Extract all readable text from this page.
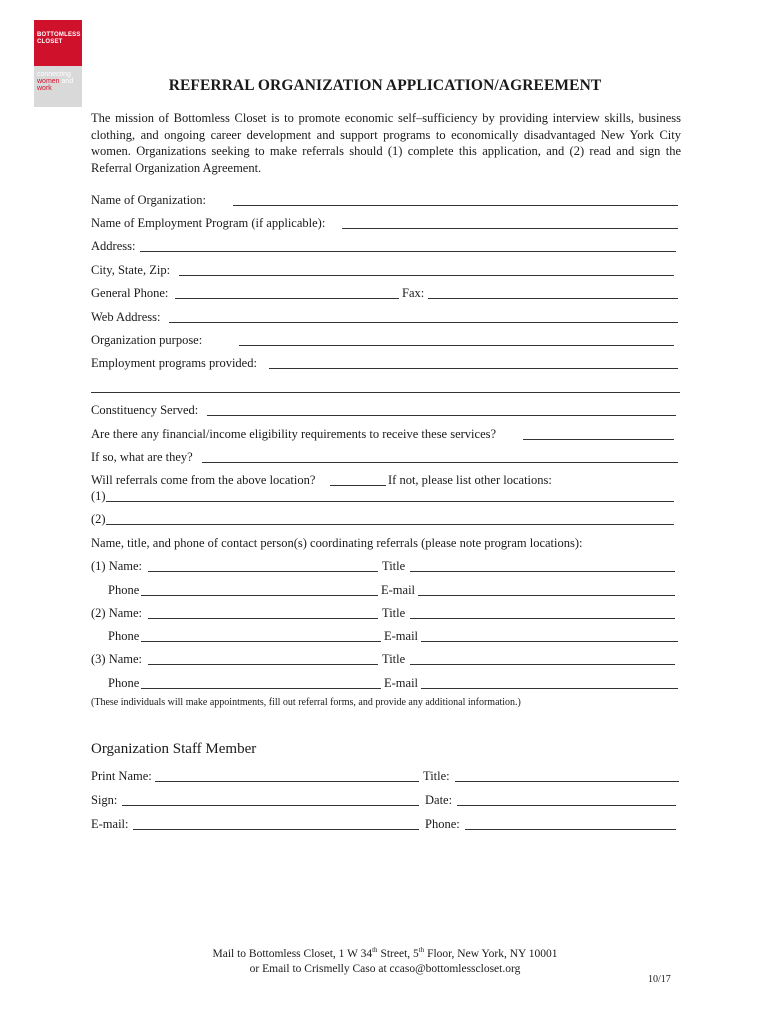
BOTTOMLESS
CLOSET
connecting
women and
work	REFERRAL ORGANIZATION APPLICATION/AGREEMENT
The mission of Bottomless Closet is to promote economic self–sufficiency by providing interview skills, business clothing, and ongoing career development and support programs to economically disadvantaged New York City women. Organizations seeking to make referrals should (1) complete this application, and (2) read and sign the Referral Organization Agreement.
Name of Organization:
Name of Employment Program (if applicable):
Address:
City, State, Zip:
General Phone:	Fax:
Web Address:
Organization purpose:
Employment programs provided:
Constituency Served:
Are there any financial/income eligibility requirements to receive these services?
If so, what are they?
Will referrals come from the above location?	If not, please list other locations:
(1)
(2)
Name, title, and phone of contact person(s) coordinating referrals (please note program locations):
(1) Name:	Title
Phone	E-mail
(2) Name:	Title
Phone	E-mail
(3) Name:	Title
Phone	E-mail
(These individuals will make appointments, fill out referral forms, and provide any additional information.)
Organization Staff Member
Print Name:	Title:
Sign:	Date:
E-mail:	Phone:
Mail to Bottomless Closet, 1 W 34th Street, 5th Floor, New York, NY 10001
or Email to Crismelly Caso at ccaso@bottomlesscloset.org
10/17
